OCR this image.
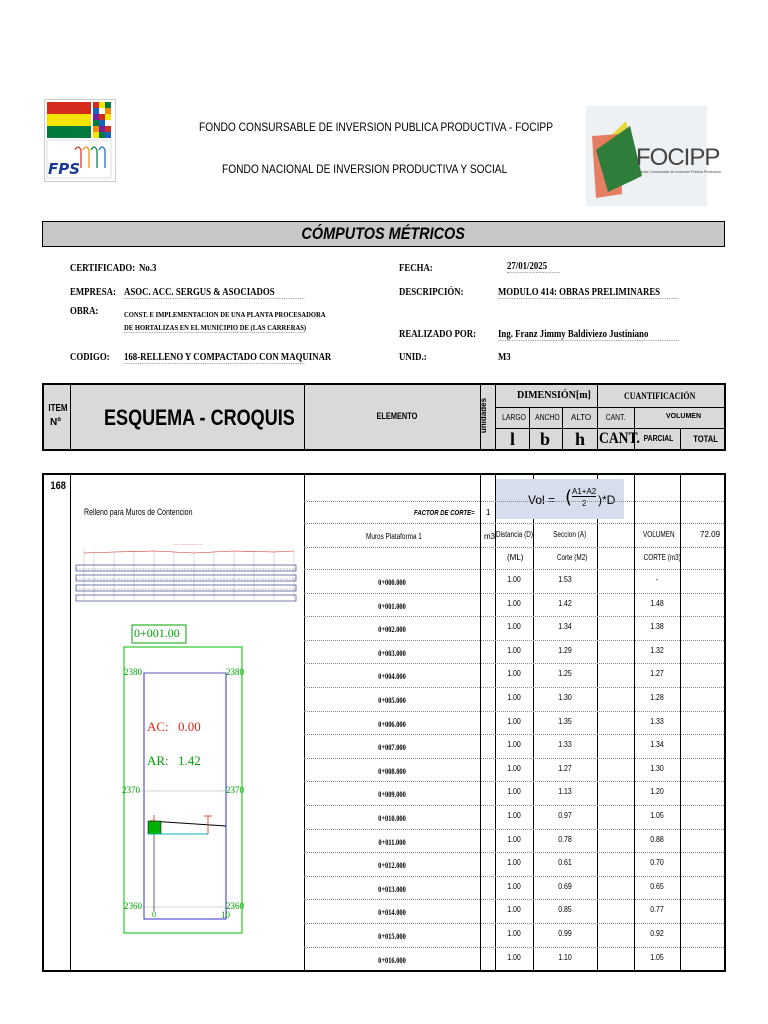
FPS
FONDO CONSURSABLE DE INVERSION PUBLICA PRODUCTIVA - FOCIPP
FONDO NACIONAL DE INVERSION PRODUCTIVA Y SOCIAL	FOCIPP
Fondo Concursable de Inversión Pública Productiva
CÓMPUTOS MÉTRICOS
CERTIFICADO: No.3
EMPRESA: ASOC. ACC. SERGUS & ASOCIADOS
OBRA:	CONST. E IMPLEMENTACION DE UNA PLANTA PROCESADORA
DE HORTALIZAS EN EL MUNICIPIO DE (LAS CARRERAS)
CODIGO: 168-RELLENO Y COMPACTADO CON MAQUINAR
FECHA:	27/01/2025
DESCRIPCIÓN:	MODULO 414: OBRAS PRELIMINARES
REALIZADO POR: Ing. Franz Jimmy Baldiviezo Justiniano
UNID.:	M3
ITEM
Nº ESQUEMA - CROQUIS	ELEMENTO	unidades
DIMENSIÓN[m]	CUANTIFICACIÓN
LARGO ANCHO ALTO CANT.	VOLUMEN
l b h CANT. PARCIAL TOTAL
168
Relleno para Muros de Contencion
Vol = ( A1+A2
2 )*D
FACTOR DE CORTE= 1
Muros Plataforma 1	m3 Distancia (D)	Seccion (A)	VOLUMEN	72.09
(ML)	Corte (M2)	CORTE (m3)
0+000.000	1.00	1.53	-
0+001.000	1.00	1.42	1.48
0+002.000	1.00	1.34	1.38
0+003.000	1.00	1.29	1.32
0+004.000	1.00	1.25	1.27
0+005.000	1.00	1.30	1.28
0+006.000	1.00	1.35	1.33
0+007.000	1.00	1.33	1.34
0+008.000	1.00	1.27	1.30
0+009.000	1.00	1.13	1.20
0+010.000	1.00	0.97	1.05
0+011.000	1.00	0.78	0.88
0+012.000	1.00	0.61	0.70
0+013.000	1.00	0.69	0.65
0+014.000	1.00	0.85	0.77
0+015.000	1.00	0.99	0.92
0+016.000	1.00	1.10	1.05
~~~ ~~~~ ~~~~~~ ~~
0+001.00
2380	2380
AC: 0.00
AR: 1.42
2370	2370
2360	2360
0	10
